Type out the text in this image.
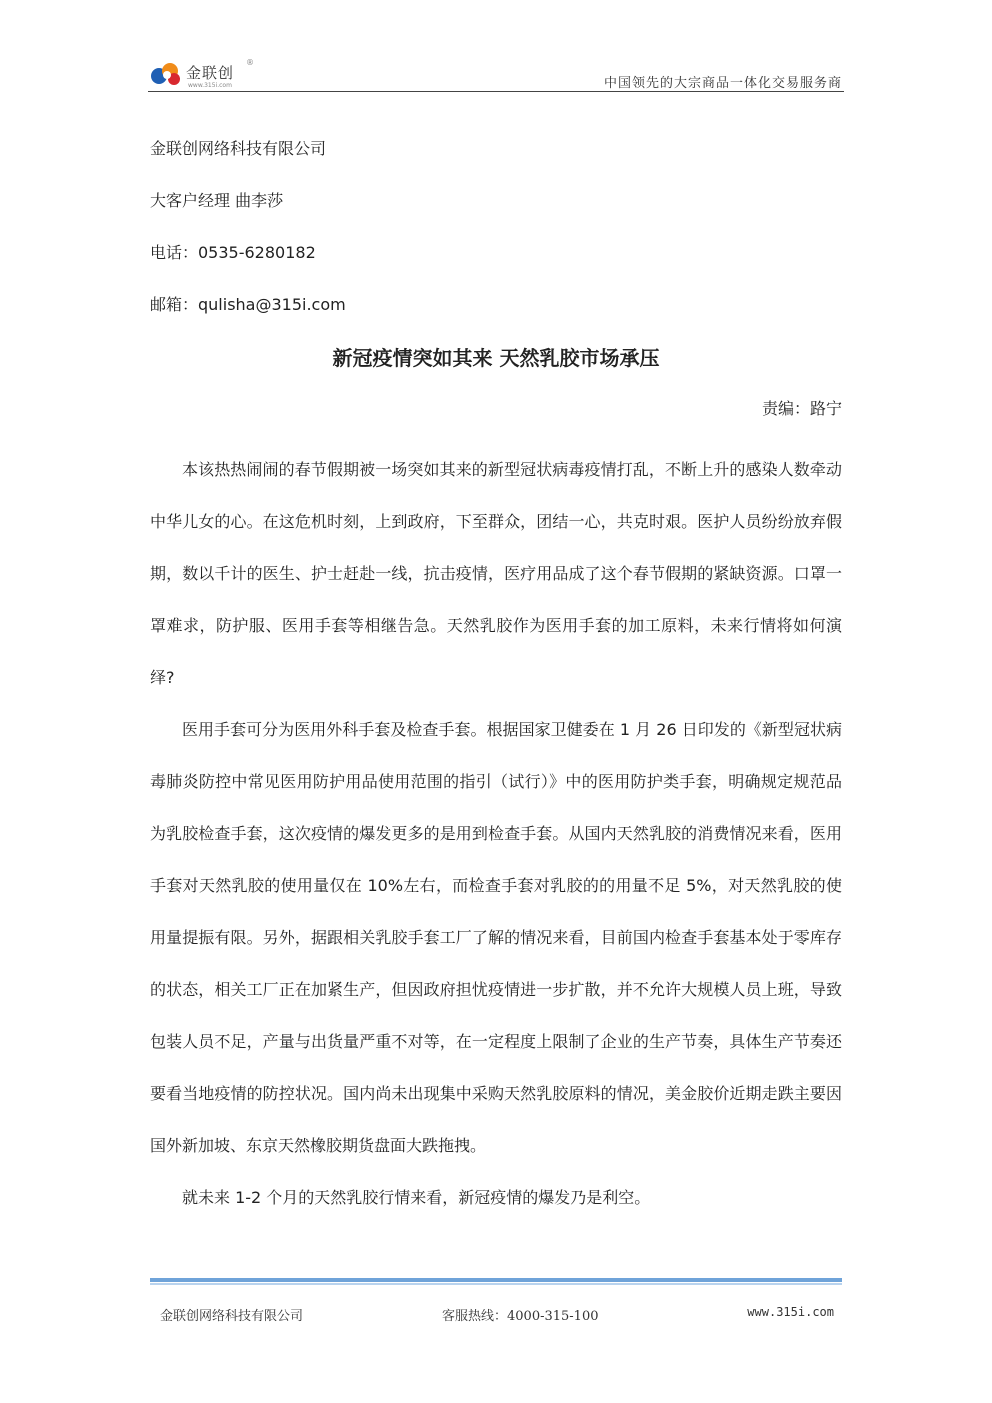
金联创
®
www.315i.com	中国领先的大宗商品一体化交易服务商
金联创网络科技有限公司
大客户经理 曲李莎
电话：0535-6280182
邮箱：qulisha@315i.com
新冠疫情突如其来 天然乳胶市场承压
责编：路宁

本该热热闹闹的春节假期被一场突如其来的新型冠状病毒疫情打乱，不断上升的感染人数牵动中华儿女的心。在这危机时刻，上到政府，下至群众，团结一心，共克时艰。医护人员纷纷放弃假期，数以千计的医生、护士赶赴一线，抗击疫情，医疗用品成了这个春节假期的紧缺资源。口罩一罩难求，防护服、医用手套等相继告急。天然乳胶作为医用手套的加工原料，未来行情将如何演绎?

医用手套可分为医用外科手套及检查手套。根据国家卫健委在 1 月 26 日印发的《新型冠状病毒肺炎防控中常见医用防护用品使用范围的指引（试行）》中的医用防护类手套，明确规定规范品为乳胶检查手套，这次疫情的爆发更多的是用到检查手套。从国内天然乳胶的消费情况来看，医用手套对天然乳胶的使用量仅在 10%左右，而检查手套对乳胶的的用量不足 5%，对天然乳胶的使用量提振有限。另外，据跟相关乳胶手套工厂了解的情况来看，目前国内检查手套基本处于零库存的状态，相关工厂正在加紧生产，但因政府担忧疫情进一步扩散，并不允许大规模人员上班，导致包装人员不足，产量与出货量严重不对等，在一定程度上限制了企业的生产节奏，具体生产节奏还要看当地疫情的防控状况。国内尚未出现集中采购天然乳胶原料的情况，美金胶价近期走跌主要因国外新加坡、东京天然橡胶期货盘面大跌拖拽。

就未来 1-2 个月的天然乳胶行情来看，新冠疫情的爆发乃是利空。

金联创网络科技有限公司	客服热线：4000-315-100	www.315i.com
